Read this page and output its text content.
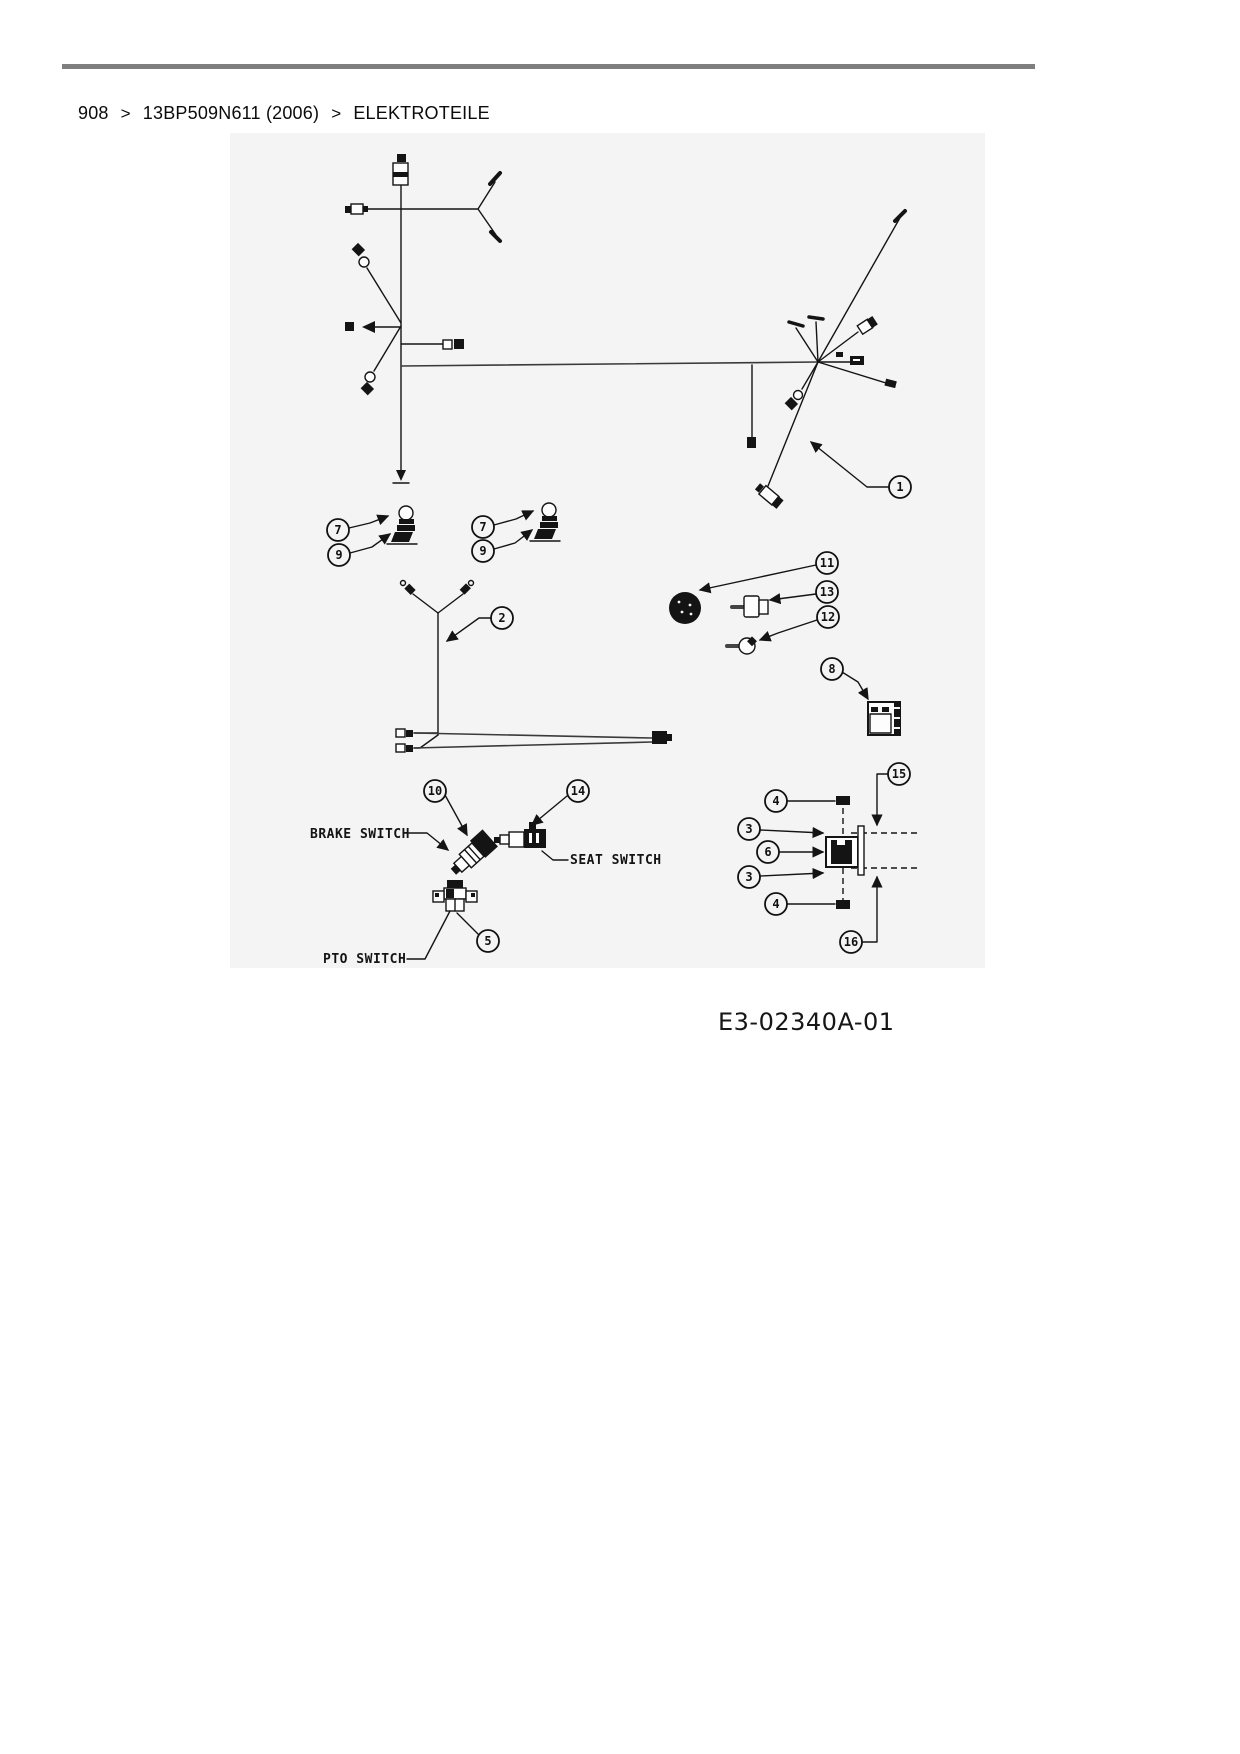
908 > 13BP509N611 (2006) > ELEKTROTEILE
BRAKE SWITCH
SEAT SWITCH
PTO SWITCH
1
2
7
9
7
9
11
13
12
8
15
4
3
6
3
4
16
10	14
5
E3-02340A-01
